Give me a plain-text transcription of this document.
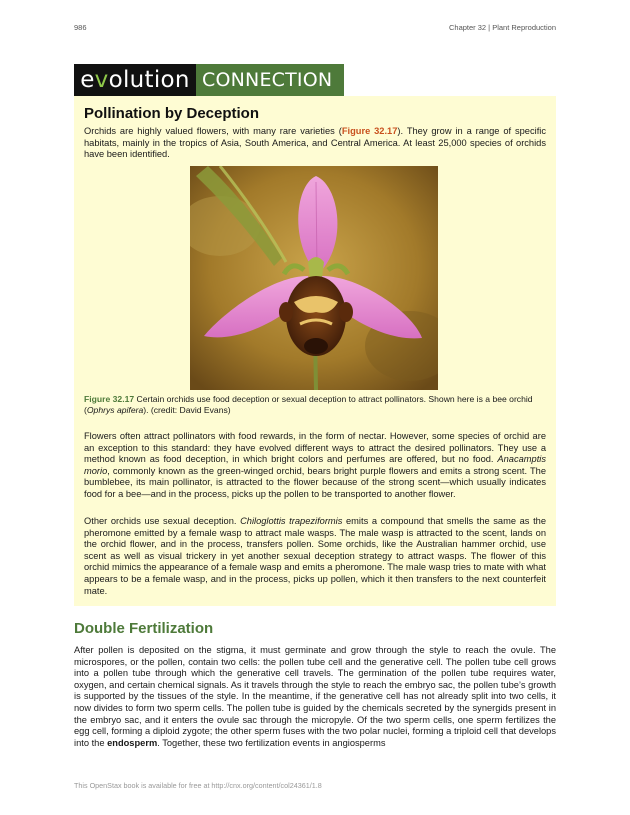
986	Chapter 32 | Plant Reproduction
e v olution CONNECTION
Pollination by Deception

Orchids are highly valued flowers, with many rare varieties (Figure 32.17). They grow in a range of specific habitats, mainly in the tropics of Asia, South America, and Central America. At least 25,000 species of orchids have been identified.

Figure 32.17 Certain orchids use food deception or sexual deception to attract pollinators. Shown here is a bee orchid (Ophrys apifera). (credit: David Evans)

Flowers often attract pollinators with food rewards, in the form of nectar. However, some species of orchid are an exception to this standard: they have evolved different ways to attract the desired pollinators. They use a method known as food deception, in which bright colors and perfumes are offered, but no food. Anacamptis morio, commonly known as the green-winged orchid, bears bright purple flowers and emits a strong scent. The bumblebee, its main pollinator, is attracted to the flower because of the strong scent—which usually indicates food for a bee—and in the process, picks up the pollen to be transported to another flower.

Other orchids use sexual deception. Chiloglottis trapeziformis emits a compound that smells the same as the pheromone emitted by a female wasp to attract male wasps. The male wasp is attracted to the scent, lands on the orchid flower, and in the process, transfers pollen. Some orchids, like the Australian hammer orchid, use scent as well as visual trickery in yet another sexual deception strategy to attract wasps. The flower of this orchid mimics the appearance of a female wasp and emits a pheromone. The male wasp tries to mate with what appears to be a female wasp, and in the process, picks up pollen, which it then transfers to the next counterfeit mate.

Double Fertilization

After pollen is deposited on the stigma, it must germinate and grow through the style to reach the ovule. The microspores, or the pollen, contain two cells: the pollen tube cell and the generative cell. The pollen tube cell grows into a pollen tube through which the generative cell travels. The germination of the pollen tube requires water, oxygen, and certain chemical signals. As it travels through the style to reach the embryo sac, the pollen tube’s growth is supported by the tissues of the style. In the meantime, if the generative cell has not already split into two cells, it now divides to form two sperm cells. The pollen tube is guided by the chemicals secreted by the synergids present in the embryo sac, and it enters the ovule sac through the micropyle. Of the two sperm cells, one sperm fertilizes the egg cell, forming a diploid zygote; the other sperm fuses with the two polar nuclei, forming a triploid cell that develops into the endosperm. Together, these two fertilization events in angiosperms

This OpenStax book is available for free at http://cnx.org/content/col24361/1.8
